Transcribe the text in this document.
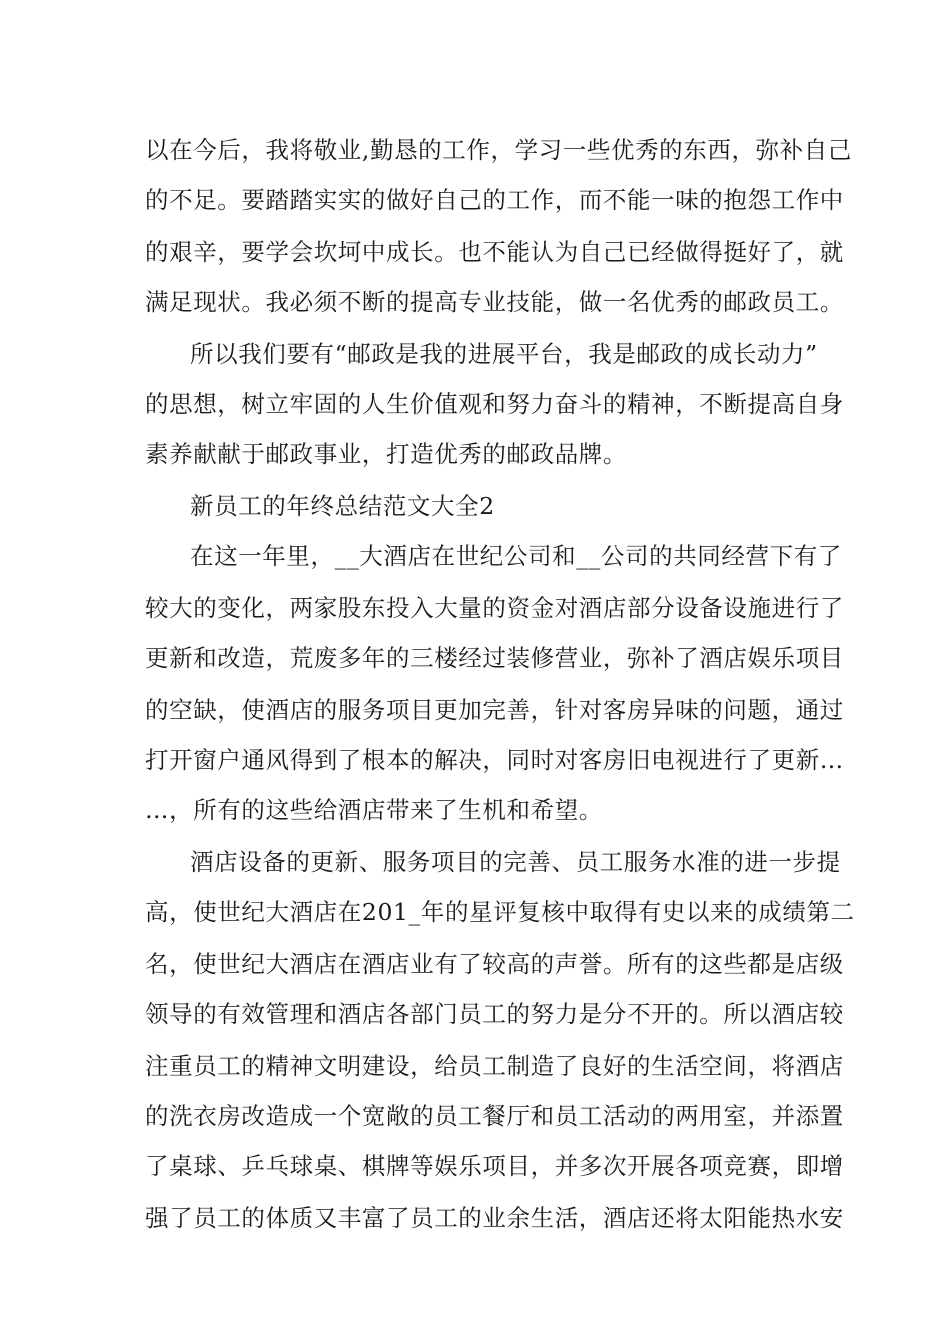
以在今后，我将敬业,勤恳的工作，学习一些优秀的东西，弥补自己
的不足。要踏踏实实的做好自己的工作，而不能一味的抱怨工作中
的艰辛，要学会坎坷中成长。也不能认为自己已经做得挺好了，就
满足现状。我必须不断的提高专业技能，做一名优秀的邮政员工。
所以我们要有“邮政是我的进展平台，我是邮政的成长动力”
的思想，树立牢固的人生价值观和努力奋斗的精神，不断提高自身
素养献献于邮政事业，打造优秀的邮政品牌。
新员工的年终总结范文大全2
在这一年里，__大酒店在世纪公司和__公司的共同经营下有了
较大的变化，两家股东投入大量的资金对酒店部分设备设施进行了
更新和改造，荒废多年的三楼经过装修营业，弥补了酒店娱乐项目
的空缺，使酒店的服务项目更加完善，针对客房异味的问题，通过
打开窗户通风得到了根本的解决，同时对客房旧电视进行了更新…
…，所有的这些给酒店带来了生机和希望。
酒店设备的更新、服务项目的完善、员工服务水准的进一步提
高，使世纪大酒店在201_年的星评复核中取得有史以来的成绩第二
名，使世纪大酒店在酒店业有了较高的声誉。所有的这些都是店级
领导的有效管理和酒店各部门员工的努力是分不开的。所以酒店较
注重员工的精神文明建设，给员工制造了良好的生活空间，将酒店
的洗衣房改造成一个宽敞的员工餐厅和员工活动的两用室，并添置
了桌球、乒乓球桌、棋牌等娱乐项目，并多次开展各项竞赛，即增
强了员工的体质又丰富了员工的业余生活，酒店还将太阳能热水安
